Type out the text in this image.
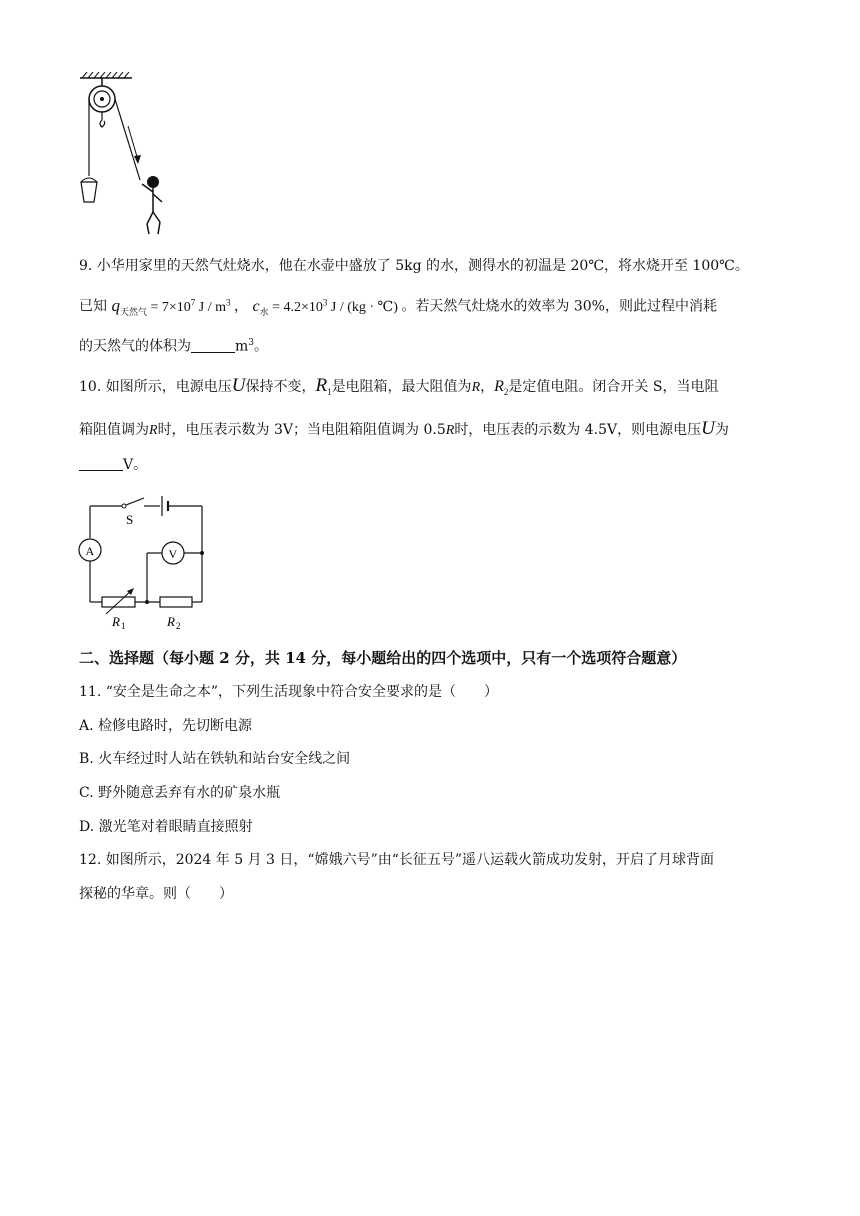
9. 小华用家里的天然气灶烧水，他在水壶中盛放了 5kg 的水，测得水的初温是 20℃，将水烧开至 100℃。
已知 $q_{天然气} = 7\times 10^7$ J / $m^3$ ， $c_水 = 4.2\times 10^3$ J / (kg · ℃) 。若天然气灶烧水的效率为 30%，则此过程中消耗
的天然气的体积为	$m^3$。
10. 如图所示，电源电压U保持不变，$R_1$是电阻箱，最大阻值为R，$R_2$是定值电阻。闭合开关 S，当电阻
箱阻值调为R时，电压表示数为 3V；当电阻箱阻值调为 0.5R时，电压表的示数为 4.5V，则电源电压U为
V。
S
A	V
R 1	R 2
二、选择题（每小题 2 分，共 14 分，每小题给出的四个选项中，只有一个选项符合题意）
11. “安全是生命之本”，下列生活现象中符合安全要求的是（　　）
A. 检修电路时，先切断电源
B. 火车经过时人站在铁轨和站台安全线之间
C. 野外随意丢弃有水的矿泉水瓶
D. 激光笔对着眼睛直接照射
12. 如图所示，2024 年 5 月 3 日，“嫦娥六号”由“长征五号”遥八运载火箭成功发射，开启了月球背面
探秘的华章。则（　　）
